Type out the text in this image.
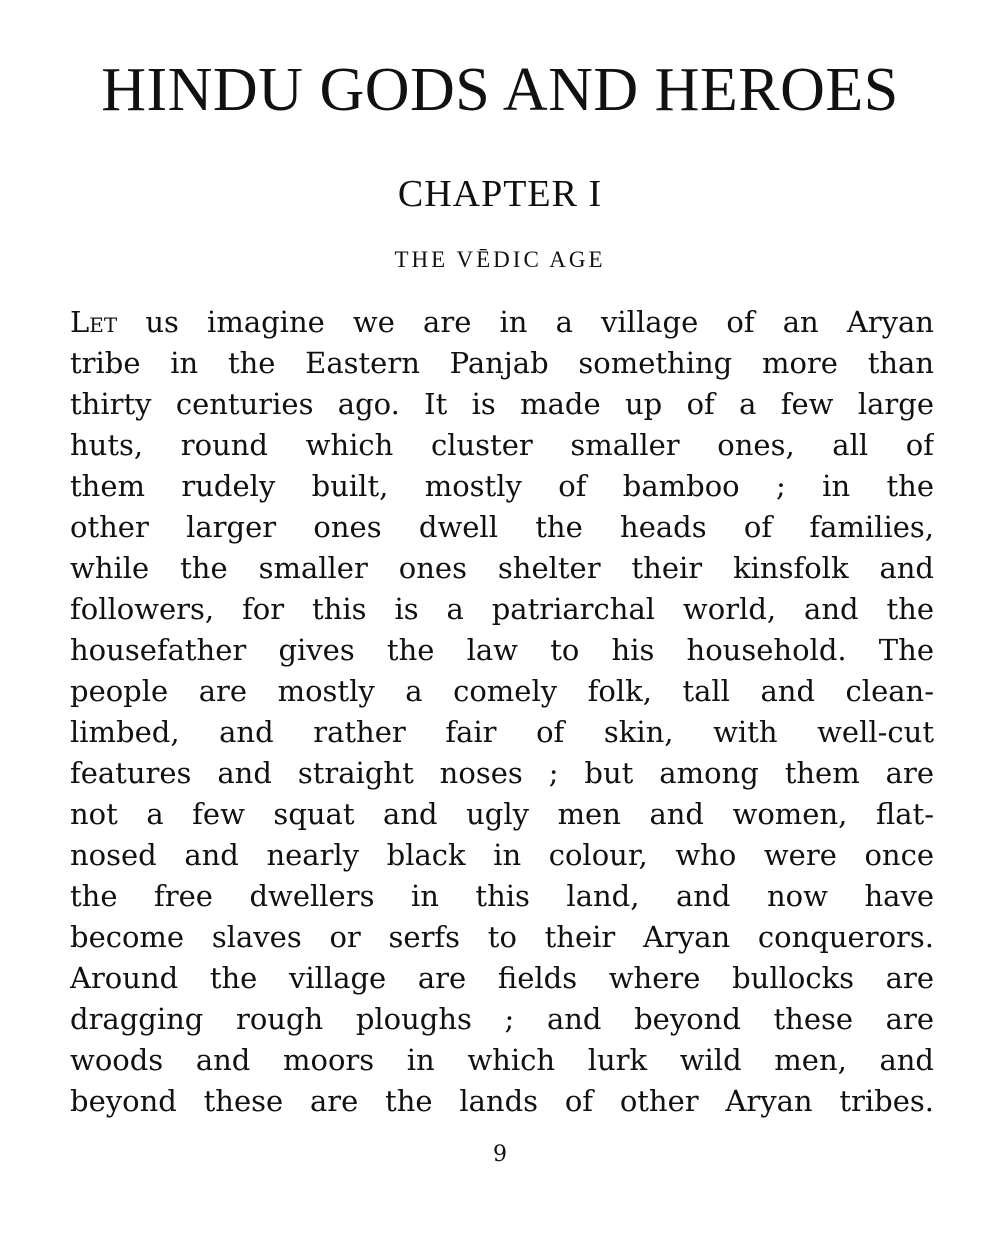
HINDU GODS AND HEROES
CHAPTER I
THE VĒDIC AGE
Let us imagine we are in a village of an Aryan
tribe in the Eastern Panjab something more than
thirty centuries ago. It is made up of a few large
huts, round which cluster smaller ones, all of
them rudely built, mostly of bamboo ; in the
other larger ones dwell the heads of families,
while the smaller ones shelter their kinsfolk and
followers, for this is a patriarchal world, and the
housefather gives the law to his household. The
people are mostly a comely folk, tall and clean-
limbed, and rather fair of skin, with well-cut
features and straight noses ; but among them are
not a few squat and ugly men and women, flat-
nosed and nearly black in colour, who were once
the free dwellers in this land, and now have
become slaves or serfs to their Aryan conquerors.
Around the village are fields where bullocks are
dragging rough ploughs ; and beyond these are
woods and moors in which lurk wild men, and
beyond these are the lands of other Aryan tribes.
9
